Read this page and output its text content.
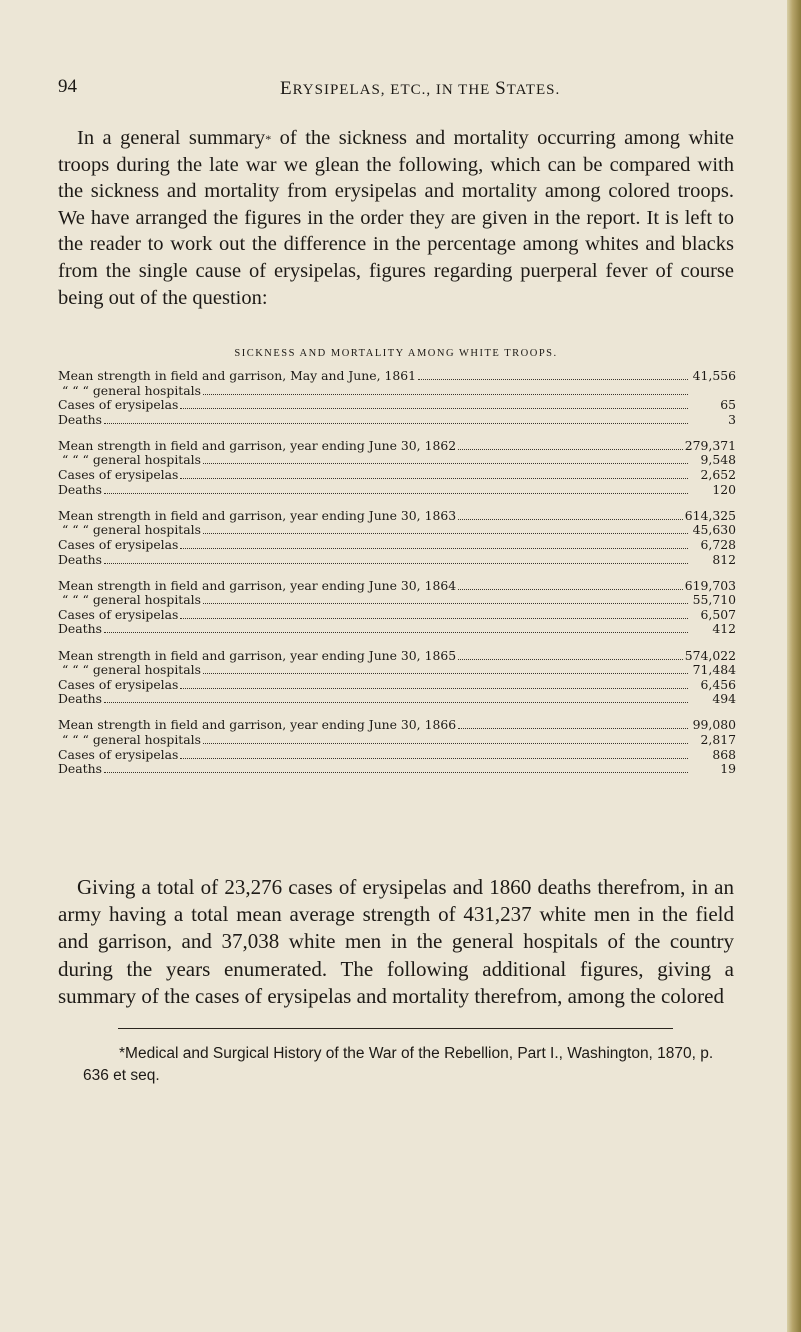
94	ERYSIPELAS, ETC., IN THE STATES.

In a general summary* of the sickness and mortality occurring among white troops during the late war we glean the following, which can be compared with the sickness and mortality from erysipelas and mortality among colored troops. We have arranged the figures in the order they are given in the report. It is left to the reader to work out the difference in the percentage among whites and blacks from the single cause of erysipelas, figures regarding puerperal fever of course being out of the question:

SICKNESS AND MORTALITY AMONG WHITE TROOPS.
Mean strength in field and garrison, May and June, 1861	41,556
“ “ “ general hospitals
Cases of erysipelas	65
Deaths	3
Mean strength in field and garrison, year ending June 30, 1862	279,371
“ “ “ general hospitals	9,548
Cases of erysipelas	2,652
Deaths	120
Mean strength in field and garrison, year ending June 30, 1863	614,325
“ “ “ general hospitals	45,630
Cases of erysipelas	6,728
Deaths	812
Mean strength in field and garrison, year ending June 30, 1864	619,703
“ “ “ general hospitals	55,710
Cases of erysipelas	6,507
Deaths	412
Mean strength in field and garrison, year ending June 30, 1865	574,022
“ “ “ general hospitals	71,484
Cases of erysipelas	6,456
Deaths	494
Mean strength in field and garrison, year ending June 30, 1866	99,080
“ “ “ general hospitals	2,817
Cases of erysipelas	868
Deaths	19

Giving a total of 23,276 cases of erysipelas and 1860 deaths therefrom, in an army having a total mean average strength of 431,237 white men in the field and garrison, and 37,038 white men in the general hospitals of the country during the years enumerated. The following additional figures, giving a summary of the cases of erysipelas and mortality therefrom, among the colored

*Medical and Surgical History of the War of the Rebellion, Part I., Washington, 1870, p. 636 et seq.
